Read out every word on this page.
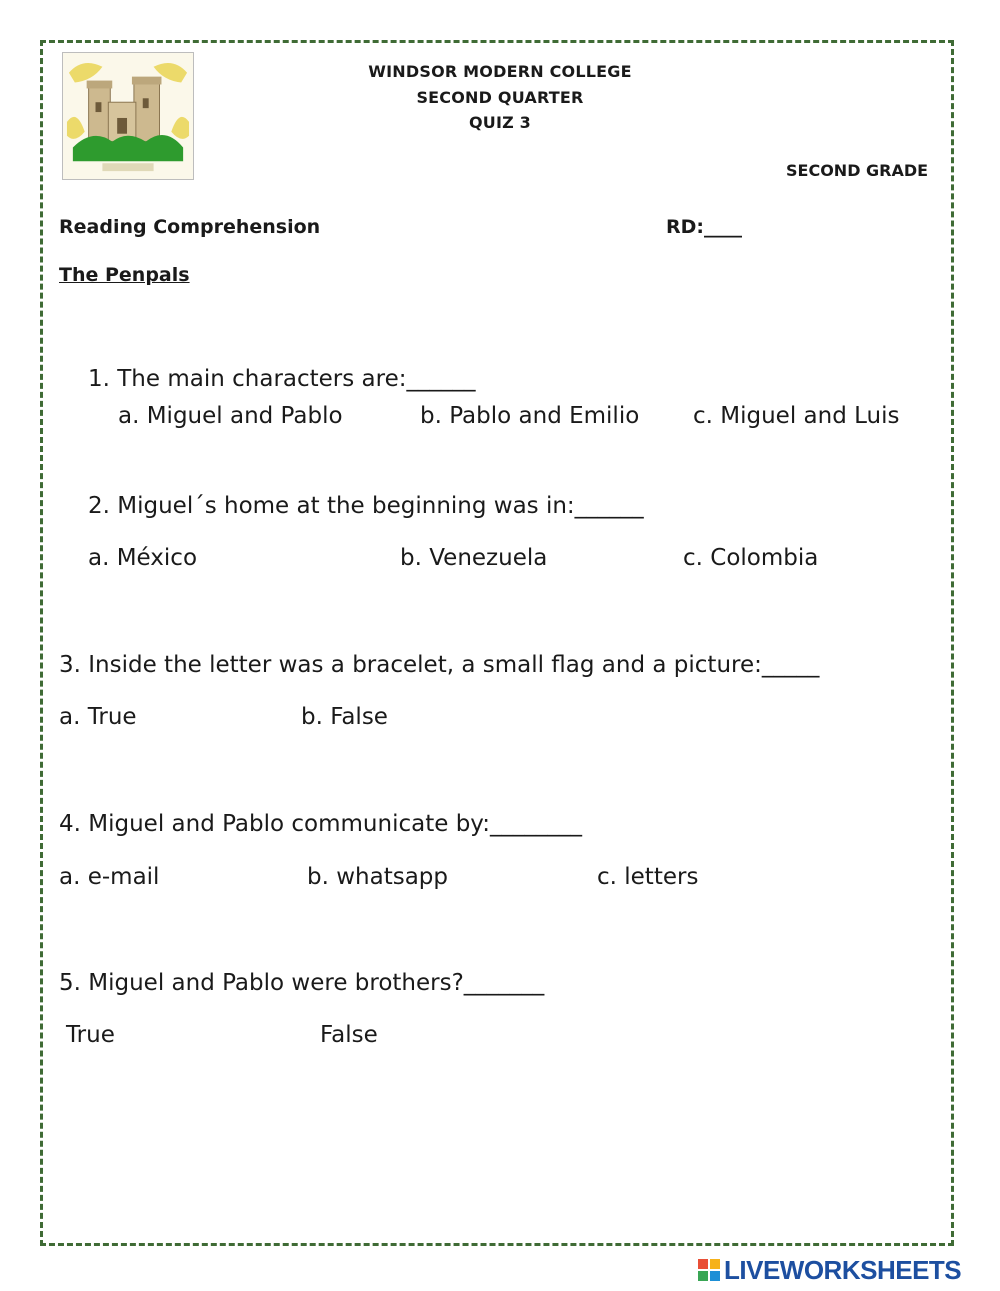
WINDSOR MODERN COLLEGE
SECOND QUARTER
QUIZ 3
SECOND GRADE
Reading Comprehension	RD:____
The Penpals
1. The main characters are:______
a. Miguel and Pablo	b. Pablo and Emilio c. Miguel and Luis
2. Miguel´s home at the beginning was in:______
a. México	b. Venezuela	c. Colombia
3. Inside the letter was a bracelet, a small flag and a picture:_____
a. True	b. False
4. Miguel and Pablo communicate by:________
a. e-mail	b. whatsapp	c. letters
5. Miguel and Pablo were brothers?_______
True	False
LIVEWORKSHEETS
